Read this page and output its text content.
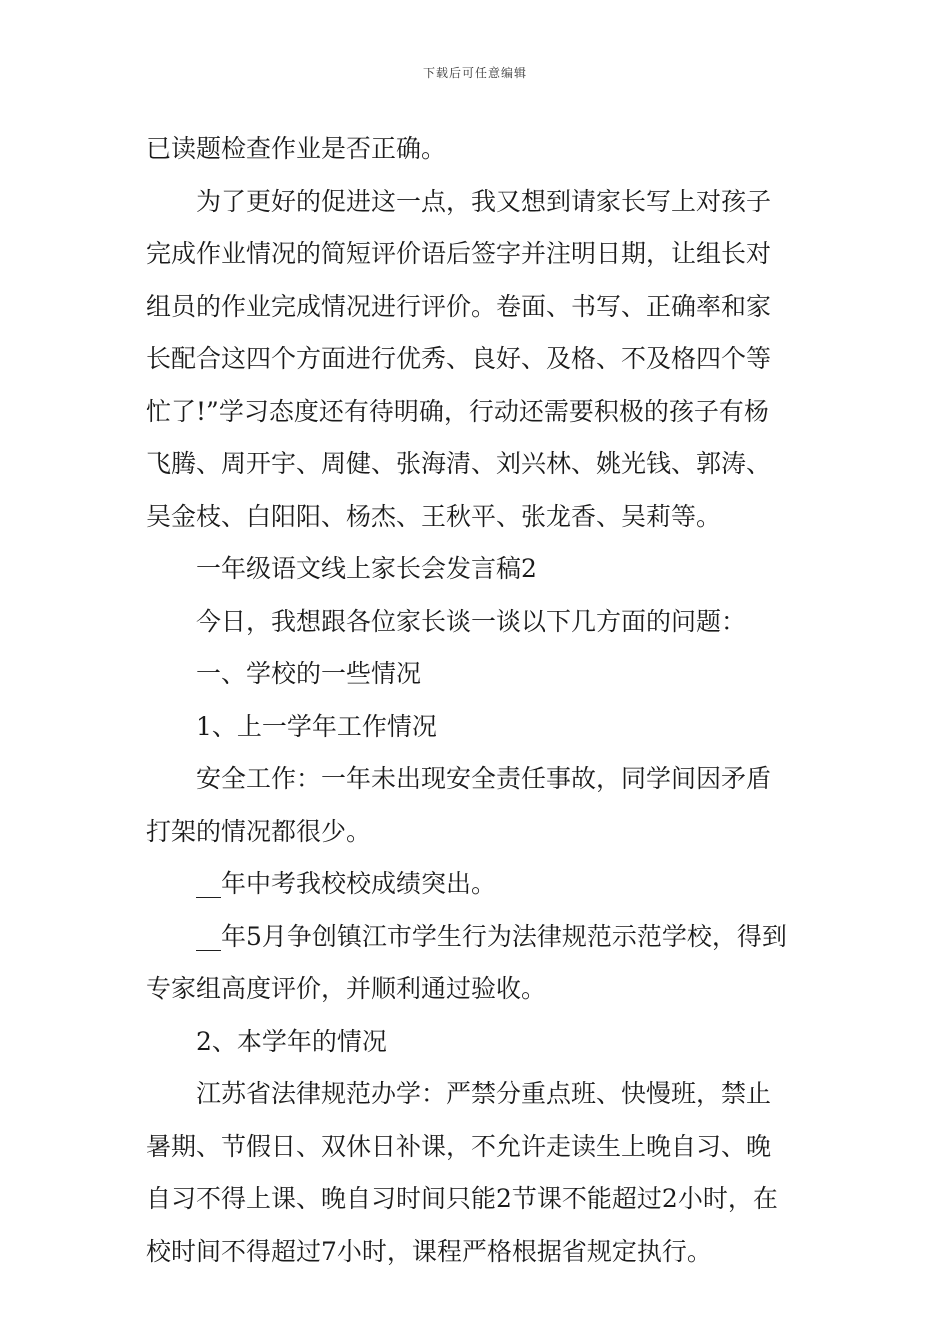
下载后可任意编辑
已读题检查作业是否正确。
为了更好的促进这一点，我又想到请家长写上对孩子
完成作业情况的简短评价语后签字并注明日期，让组长对
组员的作业完成情况进行评价。卷面、书写、正确率和家
长配合这四个方面进行优秀、良好、及格、不及格四个等
忙了!”学习态度还有待明确，行动还需要积极的孩子有杨
飞腾、周开宇、周健、张海清、刘兴林、姚光钱、郭涛、
吴金枝、白阳阳、杨杰、王秋平、张龙香、吴莉等。
一年级语文线上家长会发言稿2
今日，我想跟各位家长谈一谈以下几方面的问题：
一、学校的一些情况
1、上一学年工作情况
安全工作：一年未出现安全责任事故，同学间因矛盾
打架的情况都很少。
__年中考我校校成绩突出。
__年5月争创镇江市学生行为法律规范示范学校，得到
专家组高度评价，并顺利通过验收。
2、本学年的情况
江苏省法律规范办学：严禁分重点班、快慢班，禁止
暑期、节假日、双休日补课，不允许走读生上晚自习、晚
自习不得上课、晚自习时间只能2节课不能超过2小时，在
校时间不得超过7小时，课程严格根据省规定执行。
